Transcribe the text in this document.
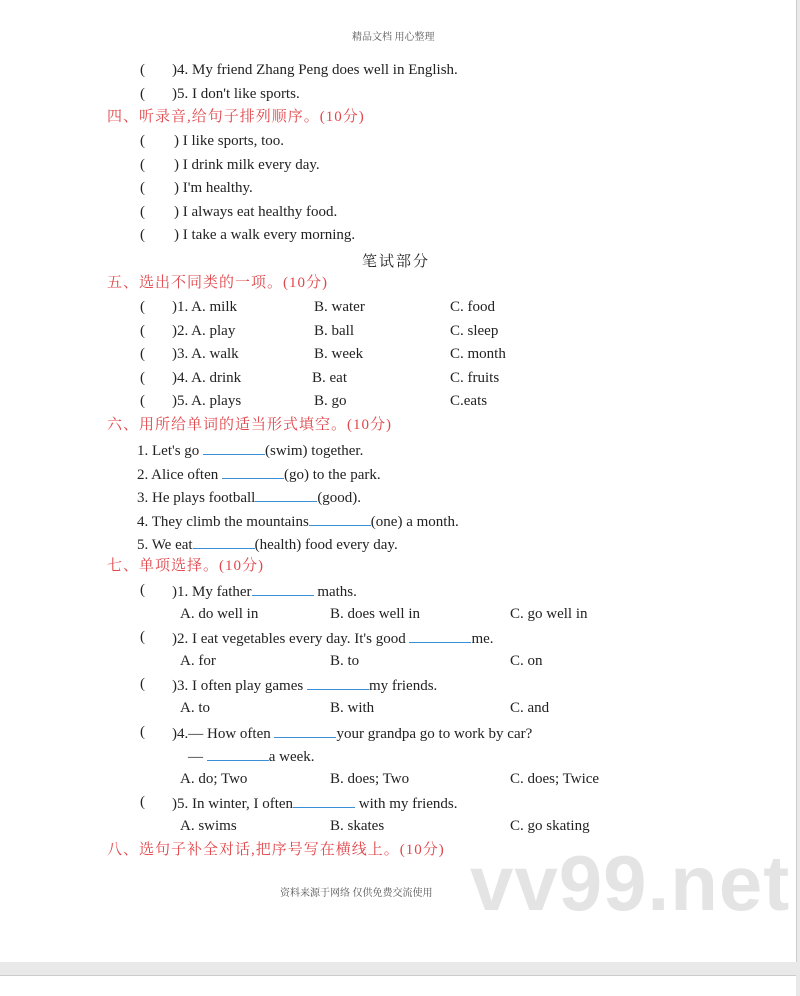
精品文档 用心整理
( )4. My friend Zhang Peng does well in English.
( )5. I don't like sports.
四、听录音,给句子排列顺序。(10分)
( ) I like sports, too.
( ) I drink milk every day.
( ) I'm healthy.
( ) I always eat healthy food.
( ) I take a walk every morning.
笔试部分
五、选出不同类的一项。(10分)
( )1. A. milk	B. water	C. food
( )2. A. play	B. ball	C. sleep
( )3. A. walk	B. week	C. month
( )4. A. drink	B. eat	C. fruits
( )5. A. plays	B. go	C.eats
六、用所给单词的适当形式填空。(10分)
1. Let's go	(swim) together.
2. Alice often	(go) to the park.
3. He plays football	(good).
4. They climb the mountains	(one) a month.
5. We eat	(health) food every day.
七、单项选择。(10分)
( )1. My father	maths.
A. do well in	B. does well in	C. go well in
( )2. I eat vegetables every day. It's good	me.
A. for	B. to	C. on
( )3. I often play games	my friends.
A. to	B. with	C. and
( )4.— How often	your grandpa go to work by car?
—	a week.
A. do; Two	B. does; Two	C. does; Twice
( )5. In winter, I often	with my friends.
A. swims	B. skates	C. go skating
八、选句子补全对话,把序号写在横线上。(10分) vv99.net
资料来源于网络 仅供免费交流使用
